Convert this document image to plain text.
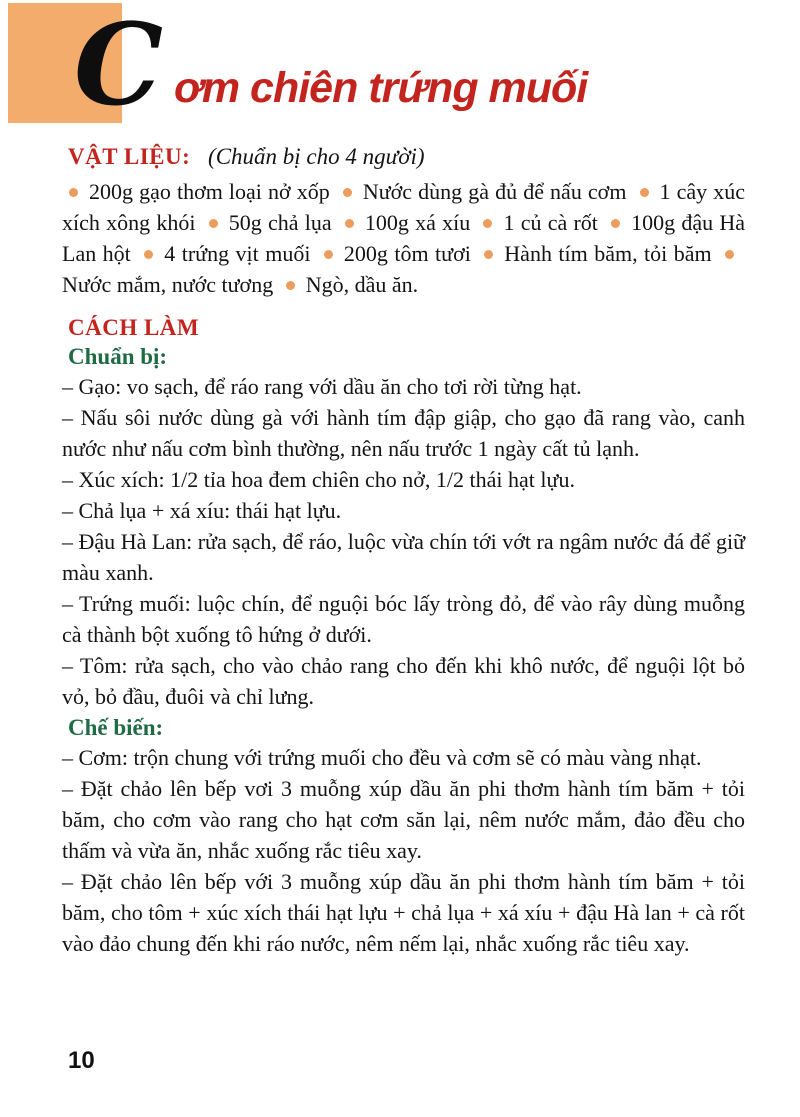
C ơm chiên trứng muối

VẬT LIỆU: (Chuẩn bị cho 4 người)

200g gạo thơm loại nở xốp Nước dùng gà đủ để nấu cơm 1 cây xúc xích xông khói 50g chả lụa 100g xá xíu 1 củ cà rốt 100g đậu Hà Lan hột 4 trứng vịt muối 200g tôm tươi Hành tím băm, tỏi băm Nước mắm, nước tương Ngò, dầu ăn.

CÁCH LÀM

Chuẩn bị:

– Gạo: vo sạch, để ráo rang với dầu ăn cho tơi rời từng hạt.

– Nấu sôi nước dùng gà với hành tím đập giập, cho gạo đã rang vào, canh nước như nấu cơm bình thường, nên nấu trước 1 ngày cất tủ lạnh.

– Xúc xích: 1/2 tỉa hoa đem chiên cho nở, 1/2 thái hạt lựu.

– Chả lụa + xá xíu: thái hạt lựu.

– Đậu Hà Lan: rửa sạch, để ráo, luộc vừa chín tới vớt ra ngâm nước đá để giữ màu xanh.

– Trứng muối: luộc chín, để nguội bóc lấy tròng đỏ, để vào rây dùng muỗng cà thành bột xuống tô hứng ở dưới.

– Tôm: rửa sạch, cho vào chảo rang cho đến khi khô nước, để nguội lột bỏ vỏ, bỏ đầu, đuôi và chỉ lưng.

Chế biến:

– Cơm: trộn chung với trứng muối cho đều và cơm sẽ có màu vàng nhạt.

– Đặt chảo lên bếp vơi 3 muỗng xúp dầu ăn phi thơm hành tím băm + tỏi băm, cho cơm vào rang cho hạt cơm săn lại, nêm nước mắm, đảo đều cho thấm và vừa ăn, nhắc xuống rắc tiêu xay.

– Đặt chảo lên bếp với 3 muỗng xúp dầu ăn phi thơm hành tím băm + tỏi băm, cho tôm + xúc xích thái hạt lựu + chả lụa + xá xíu + đậu Hà lan + cà rốt vào đảo chung đến khi ráo nước, nêm nếm lại, nhắc xuống rắc tiêu xay.

10
